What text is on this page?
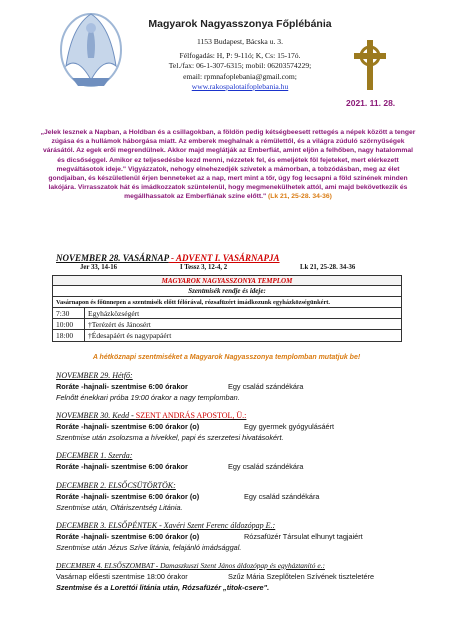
Magyarok Nagyasszonya Főplébánia
1153 Budapest, Bácska u. 3.
Félfogadás: H, P: 9-11ó; K, Cs: 15-17ó.
Tel./fax: 06-1-307-6315; mobil: 06203574229;
email: rpmnafoplebania@gmail.com;
www.rakospalotaifoplebania.hu
2021. 11. 28.
„Jelek lesznek a Napban, a Holdban és a csillagokban, a földön pedig kétségbeesett rettegés a népek között a tenger zúgása és a hullámok háborgása miatt. Az emberek meghalnak a rémülettől, és a világra zúduló szörnyűségek várásától. Az egek erői megrendülnek. Akkor majd meglátják az Emberfiát, amint eljön a felhőben, nagy hatalommal és dicsőséggel. Amikor ez teljesedésbe kezd menni, nézzetek fel, és emeljétek föl fejeteket, mert elérkezett megváltásotok ideje." Vigyázzatok, nehogy elnehezedjék szívetek a mámorban, a tobzódásban, meg az élet gondjaiban, és készületlenül érjen benneteket az a nap, mert mint a tőr, úgy fog lecsapni a föld színének minden lakójára. Virrasszatok hát és imádkozzatok szüntelenül, hogy megmenekülhetek attól, ami majd bekövetkezik és megállhassatok az Emberfiának színe előtt." (Lk 21, 25-28. 34-36)
NOVEMBER 28. VASÁRNAP - ADVENT I. VASÁRNAPJA
Jer 33, 14-16	I Tessz 3, 12-4, 2	Lk 21, 25-28. 34-36
MAGYAROK NAGYASSZONYA TEMPLOM
Szentmisék rendje és ideje:
Vasárnapon és főünnepen a szentmisék előtt félórával, rózsafüzért imádkozunk egyházközségünkért.
7:30	Egyházközségért
10:00	†Terézért és Jánosért
18:00	†Édesapáért és nagypapáért
A hétköznapi szentmiséket a Magyarok Nagyasszonya templomban mutatjuk be!
NOVEMBER 29. Hétfő:
Roráte -hajnali- szentmise 6:00 órakor	Egy család szándékára
Felnőtt énekkari próba 19:00 órakor a nagy templomban.
NOVEMBER 30. Kedd - SZENT ANDRÁS APOSTOL, Ü.:
Roráte -hajnali- szentmise 6:00 órakor (o)	Egy gyermek gyógyulásáért
Szentmise után zsolozsma a hívekkel, papi és szerzetesi hivatásokért.
DECEMBER 1. Szerda:
Roráte -hajnali- szentmise 6:00 órakor	Egy család szándékára
DECEMBER 2. ELSŐCSÜTÖRTÖK:
Roráte -hajnali- szentmise 6:00 órakor (o)	Egy család szándékára
Szentmise után, Oltáriszentség Litánia.
DECEMBER 3. ELSŐPÉNTEK - Xavéri Szent Ferenc áldozópap E.:
Roráte -hajnali- szentmise 6:00 órakor (o)	Rózsafüzér Társulat elhunyt tagjaiért
Szentmise után Jézus Szíve litánia, felajánló imádsággal.
DECEMBER 4. ELSŐSZOMBAT - Damaszkuszi Szent János áldozópap és egyháztanító e.:
Vasárnap előesti szentmise 18:00 órakor	Szűz Mária Szeplőtelen Szívének tiszteletére
Szentmise és a Lorettói litánia után, Rózsafüzér „titok-csere".
